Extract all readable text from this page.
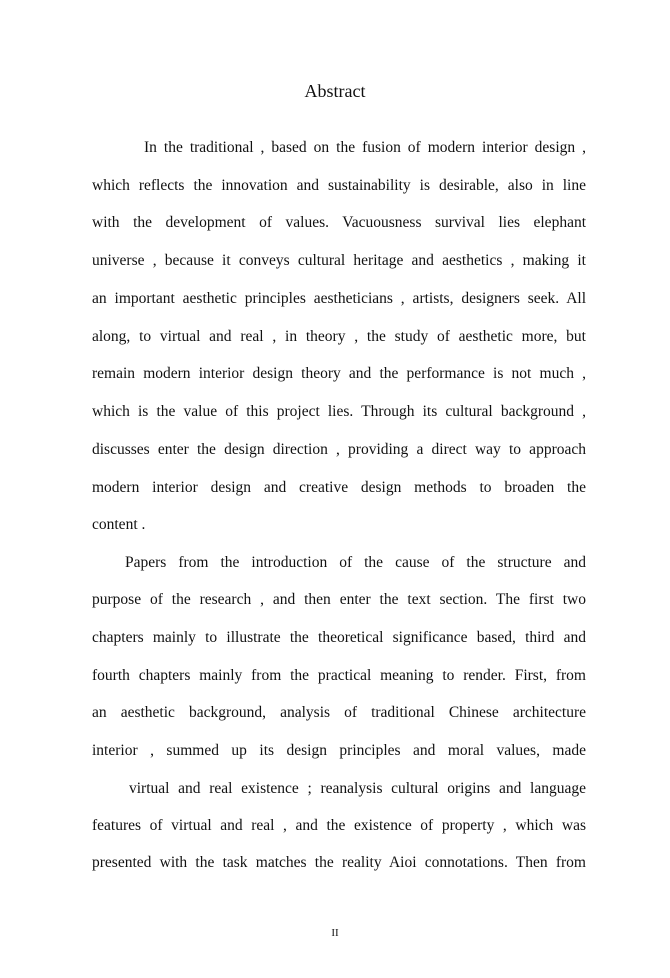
Abstract
In the traditional , based on the fusion of modern interior design ,
which reflects the innovation and sustainability is desirable, also in line
with the development of values. Vacuousness survival lies elephant
universe , because it conveys cultural heritage and aesthetics , making it
an important aesthetic principles aestheticians , artists, designers seek. All
along, to virtual and real , in theory , the study of aesthetic more, but
remain modern interior design theory and the performance is not much ,
which is the value of this project lies. Through its cultural background ,
discusses enter the design direction , providing a direct way to approach
modern interior design and creative design methods to broaden the
content .
Papers from the introduction of the cause of the structure and
purpose of the research , and then enter the text section. The first two
chapters mainly to illustrate the theoretical significance based, third and
fourth chapters mainly from the practical meaning to render. First, from
an aesthetic background, analysis of traditional Chinese architecture
interior , summed up its design principles and moral values, made
virtual and real existence ; reanalysis cultural origins and language
features of virtual and real , and the existence of property , which was
presented with the task matches the reality Aioi connotations. Then from
II
